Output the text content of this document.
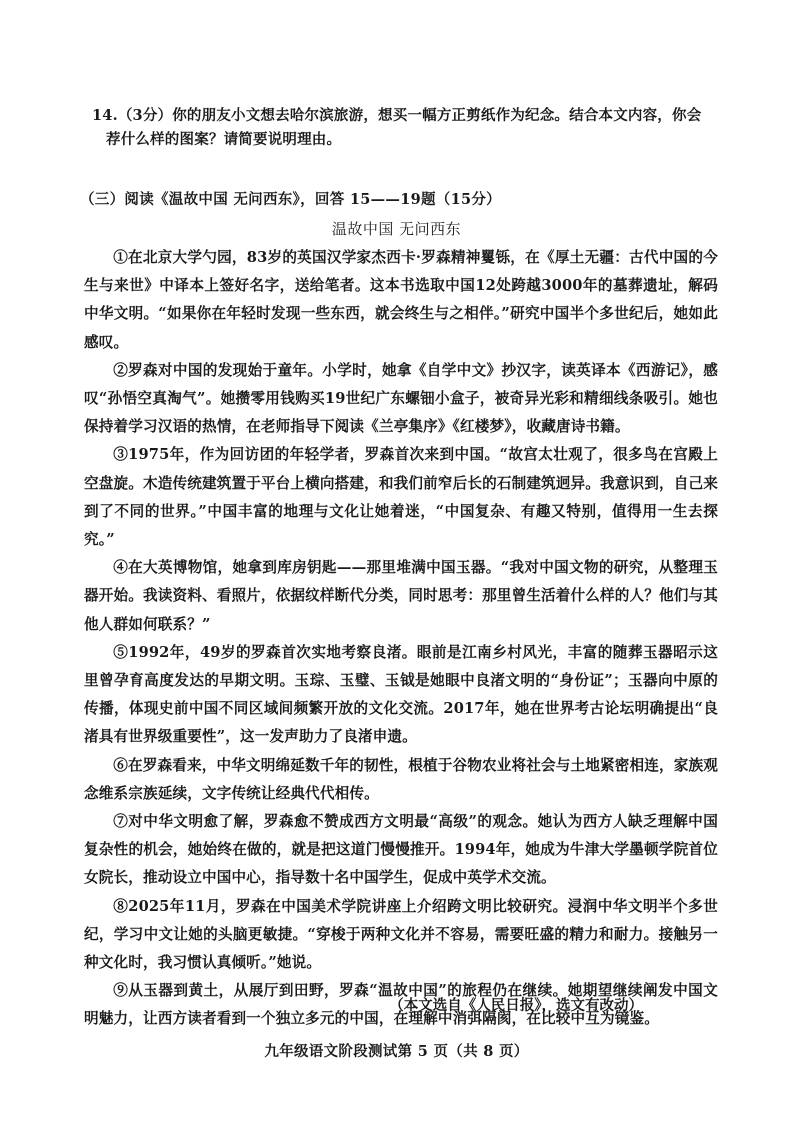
14.（3分）你的朋友小文想去哈尔滨旅游，想买一幅方正剪纸作为纪念。结合本文内容，你会
荐什么样的图案？请简要说明理由。
（三）阅读《温故中国 无问西东》，回答 15——19题（15分）
温故中国 无问西东

①在北京大学勺园，83岁的英国汉学家杰西卡·罗森精神矍铄，在《厚土无疆：古代中国的今生与来世》中译本上签好名字，送给笔者。这本书选取中国12处跨越3000年的墓葬遗址，解码中华文明。“如果你在年轻时发现一些东西，就会终生与之相伴。”研究中国半个多世纪后，她如此感叹。

②罗森对中国的发现始于童年。小学时，她拿《自学中文》抄汉字，读英译本《西游记》，感叹“孙悟空真淘气”。她攒零用钱购买19世纪广东螺钿小盒子，被奇异光彩和精细线条吸引。她也保持着学习汉语的热情，在老师指导下阅读《兰亭集序》《红楼梦》，收藏唐诗书籍。

③1975年，作为回访团的年轻学者，罗森首次来到中国。“故宫太壮观了，很多鸟在宫殿上空盘旋。木造传统建筑置于平台上横向搭建，和我们前窄后长的石制建筑迥异。我意识到，自己来到了不同的世界。”中国丰富的地理与文化让她着迷，“中国复杂、有趣又特别，值得用一生去探究。”

④在大英博物馆，她拿到库房钥匙——那里堆满中国玉器。“我对中国文物的研究，从整理玉器开始。我读资料、看照片，依据纹样断代分类，同时思考：那里曾生活着什么样的人？他们与其他人群如何联系？”

⑤1992年，49岁的罗森首次实地考察良渚。眼前是江南乡村风光，丰富的随葬玉器昭示这里曾孕育高度发达的早期文明。玉琮、玉璧、玉钺是她眼中良渚文明的“身份证”；玉器向中原的传播，体现史前中国不同区域间频繁开放的文化交流。2017年，她在世界考古论坛明确提出“良渚具有世界级重要性”，这一发声助力了良渚申遗。

⑥在罗森看来，中华文明绵延数千年的韧性，根植于谷物农业将社会与土地紧密相连，家族观念维系宗族延续，文字传统让经典代代相传。

⑦对中华文明愈了解，罗森愈不赞成西方文明最“高级”的观念。她认为西方人缺乏理解中国复杂性的机会，她始终在做的，就是把这道门慢慢推开。1994年，她成为牛津大学墨顿学院首位女院长，推动设立中国中心，指导数十名中国学生，促成中英学术交流。

⑧2025年11月，罗森在中国美术学院讲座上介绍跨文明比较研究。浸润中华文明半个多世纪，学习中文让她的头脑更敏捷。“穿梭于两种文化并不容易，需要旺盛的精力和耐力。接触另一种文化时，我习惯认真倾听。”她说。

⑨从玉器到黄土，从展厅到田野，罗森“温故中国”的旅程仍在继续。她期望继续阐发中国文明魅力，让西方读者看到一个独立多元的中国，在理解中消弭隔阂，在比较中互为镜鉴。

（本文选自《人民日报》，选文有改动）
九年级语文阶段测试第 5 页（共 8 页）
